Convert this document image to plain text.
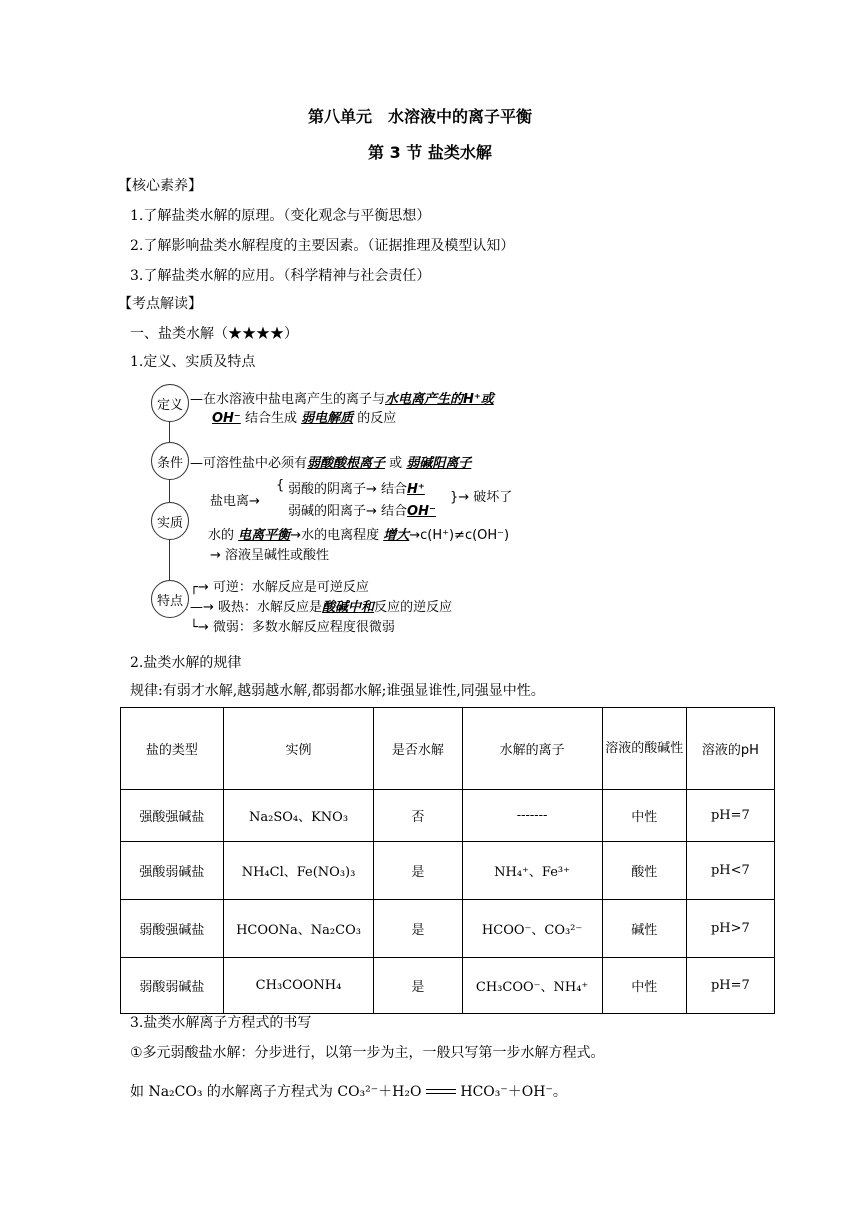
第八单元　水溶液中的离子平衡
第 3 节 盐类水解
【核心素养】
1.了解盐类水解的原理。（变化观念与平衡思想）
2.了解影响盐类水解程度的主要因素。（证据推理及模型认知）
3.了解盐类水解的应用。（科学精神与社会责任）
【考点解读】
一、盐类水解（★★★★）
1.定义、实质及特点
定义
条件
实质
特点
—在水溶液中盐电离产生的离子与水电离产生的H⁺或
OH⁻ 结合生成 弱电解质 的反应
—可溶性盐中必须有弱酸酸根离子 或 弱碱阳离子
盐电离→
{ 弱酸的阴离子→ 结合H⁺
弱碱的阳离子→ 结合OH⁻
}→ 破坏了
水的 电离平衡→水的电离程度 增大→c(H⁺)≠c(OH⁻)
→ 溶液呈碱性或酸性
┌→ 可逆：水解反应是可逆反应
—→ 吸热：水解反应是酸碱中和反应的逆反应
└→ 微弱：多数水解反应程度很微弱
2.盐类水解的规律
规律:有弱才水解,越弱越水解,都弱都水解;谁强显谁性,同强显中性。
盐的类型	实例	是否水解	水解的离子	溶液的酸碱性	溶液的pH
强酸强碱盐	Na₂SO₄、KNO₃	否	-------	中性	pH=7
强酸弱碱盐	NH₄Cl、Fe(NO₃)₃	是	NH₄⁺、Fe³⁺	酸性	pH<7
弱酸强碱盐	HCOONa、Na₂CO₃	是	HCOO⁻、CO₃²⁻	碱性	pH>7
弱酸弱碱盐	CH₃COONH₄	是	CH₃COO⁻、NH₄⁺	中性	pH=7
3.盐类水解离子方程式的书写
①多元弱酸盐水解：分步进行，以第一步为主，一般只写第一步水解方程式。
如 Na₂CO₃ 的水解离子方程式为 CO₃²⁻＋H₂O	HCO₃⁻＋OH⁻。
